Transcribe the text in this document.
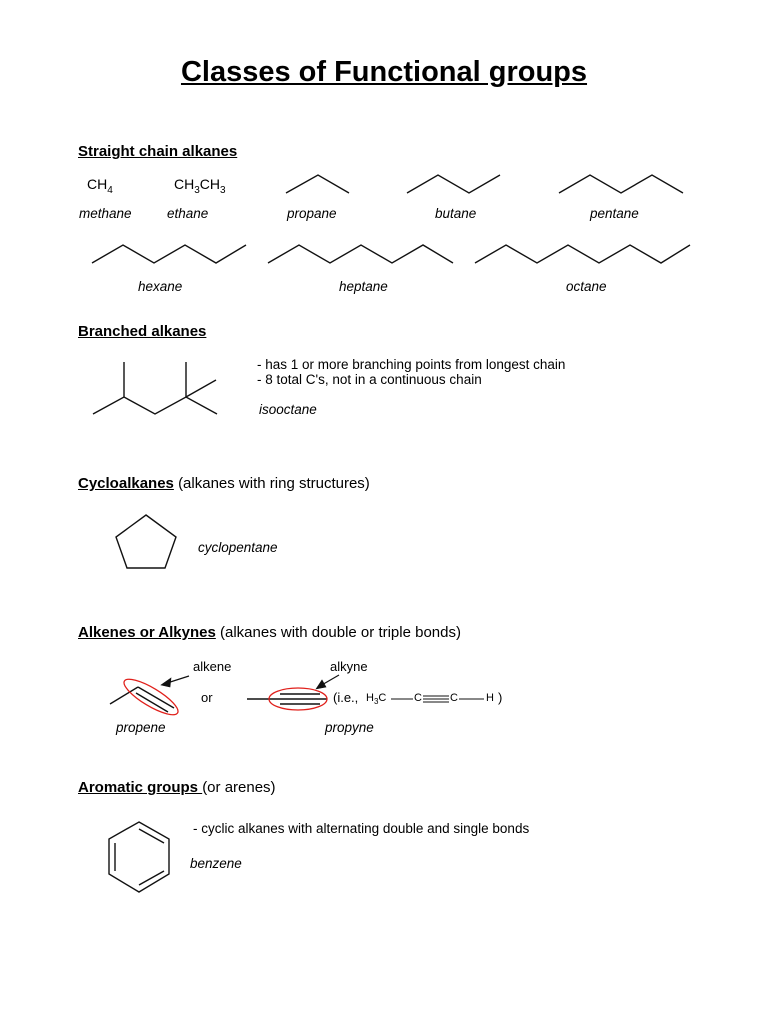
Classes of Functional groups
Straight chain alkanes
$CH_4$	$CH_3CH_3$
methane	ethane	propane	butane	pentane
hexane	heptane	octane
Branched alkanes
- has 1 or more branching points from longest chain
- 8 total C's, not in a continuous chain
isooctane
Cycloalkanes (alkanes with ring structures)
cyclopentane
Alkenes or Alkynes (alkanes with double or triple bonds)
alkene	alkyne
or	(i.e., $H_3C$	C	C	H )
propene	propyne
Aromatic groups (or arenes)
- cyclic alkanes with alternating double and single bonds
benzene
